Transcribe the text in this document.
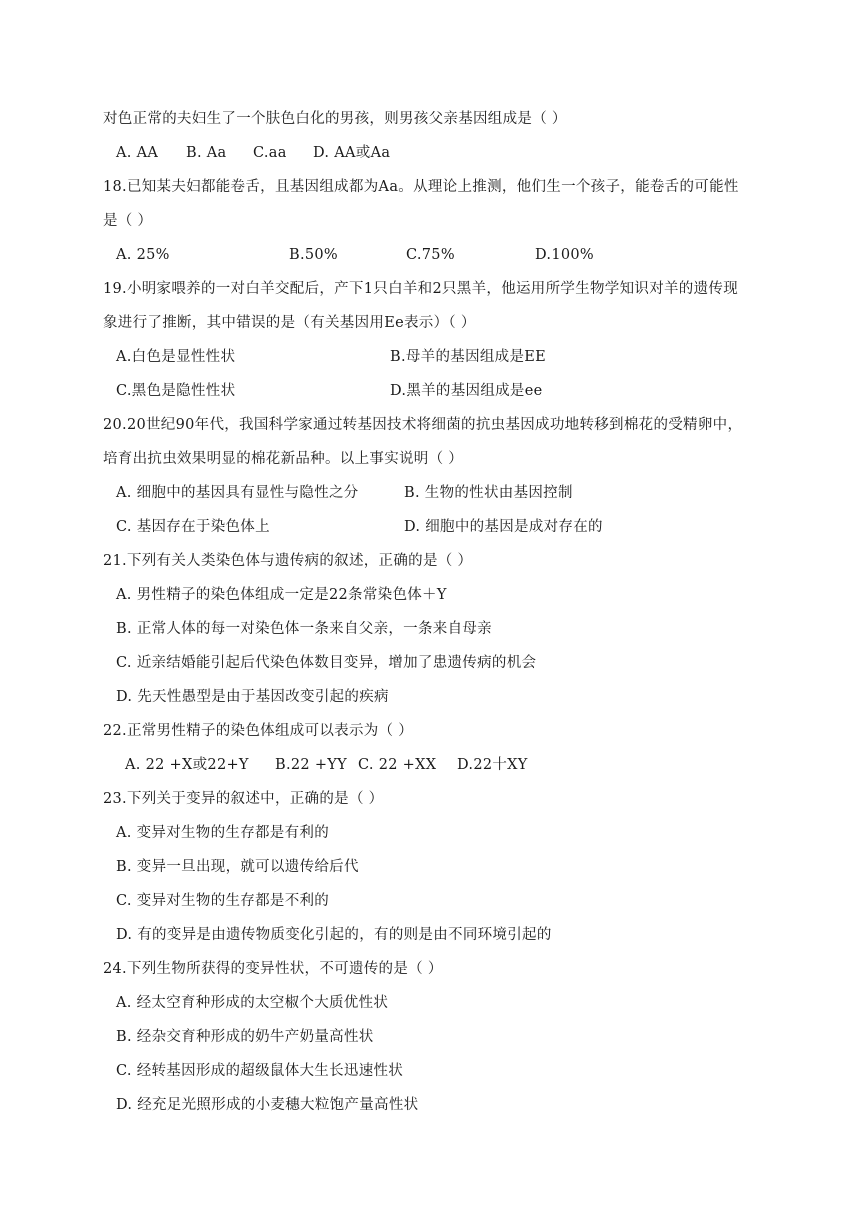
对色正常的夫妇生了一个肤色白化的男孩，则男孩父亲基因组成是（ ）
A. AA B. Aa C.aa D. AA或Aa
18.已知某夫妇都能卷舌，且基因组成都为Aa。从理论上推测，他们生一个孩子，能卷舌的可能性
是（ ）
A. 25%	B.50%	C.75%	D.100%
19.小明家喂养的一对白羊交配后，产下1只白羊和2只黑羊，他运用所学生物学知识对羊的遗传现
象进行了推断，其中错误的是（有关基因用Ee表示）（ ）
A.白色是显性性状	B.母羊的基因组成是EE
C.黑色是隐性性状	D.黑羊的基因组成是ee
20.20世纪90年代，我国科学家通过转基因技术将细菌的抗虫基因成功地转移到棉花的受精卵中，
培育出抗虫效果明显的棉花新品种。以上事实说明（ ）
A. 细胞中的基因具有显性与隐性之分	B. 生物的性状由基因控制
C. 基因存在于染色体上	D. 细胞中的基因是成对存在的
21.下列有关人类染色体与遗传病的叙述，正确的是（ ）
A. 男性精子的染色体组成一定是22条常染色体＋Y
B. 正常人体的每一对染色体一条来自父亲，一条来自母亲
C. 近亲结婚能引起后代染色体数目变异，增加了患遗传病的机会
D. 先天性愚型是由于基因改变引起的疾病
22.正常男性精子的染色体组成可以表示为（ ）
A. 22 +X或22+Y B.22 +YY C. 22 +XX D.22十XY
23.下列关于变异的叙述中，正确的是（ ）
A. 变异对生物的生存都是有利的
B. 变异一旦出现，就可以遗传给后代
C. 变异对生物的生存都是不利的
D. 有的变异是由遗传物质变化引起的，有的则是由不同环境引起的
24.下列生物所获得的变异性状，不可遗传的是（ ）
A. 经太空育种形成的太空椒个大质优性状
B. 经杂交育种形成的奶牛产奶量高性状
C. 经转基因形成的超级鼠体大生长迅速性状
D. 经充足光照形成的小麦穗大粒饱产量高性状
